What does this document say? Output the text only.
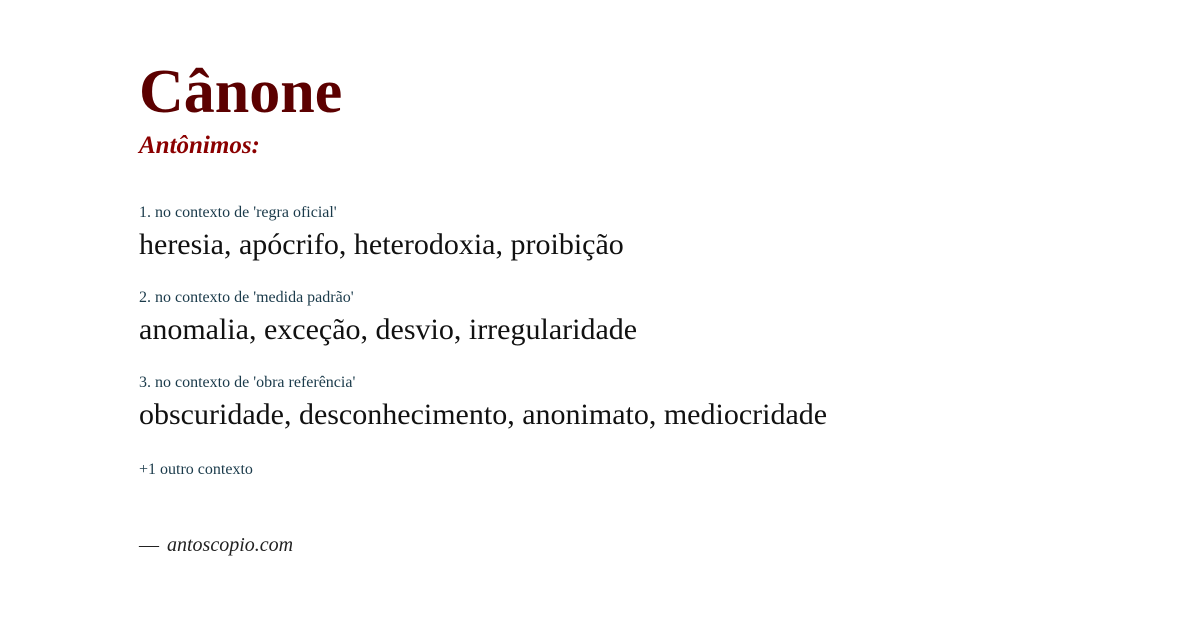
Cânone
Antônimos:

1. no contexto de 'regra oficial'

heresia, apócrifo, heterodoxia, proibição

2. no contexto de 'medida padrão'

anomalia, exceção, desvio, irregularidade

3. no contexto de 'obra referência'

obscuridade, desconhecimento, anonimato, mediocridade

+1 outro contexto
— antoscopio.com
